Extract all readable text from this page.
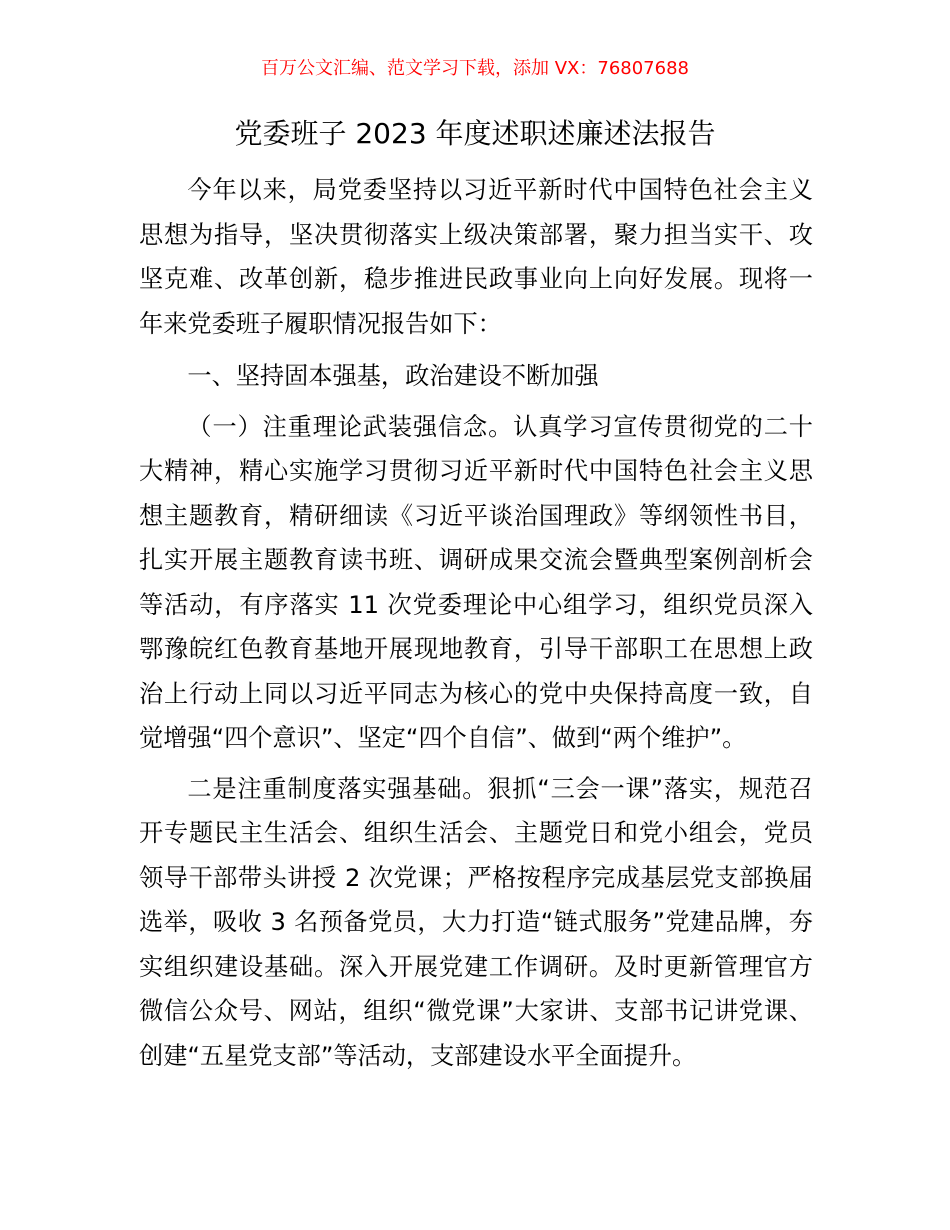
百万公文汇编、范文学习下载，添加 VX：76807688
党委班子 2023 年度述职述廉述法报告

今年以来，局党委坚持以习近平新时代中国特色社会主义思想为指导，坚决贯彻落实上级决策部署，聚力担当实干、攻坚克难、改革创新，稳步推进民政事业向上向好发展。现将一年来党委班子履职情况报告如下：

一、坚持固本强基，政治建设不断加强

（一）注重理论武装强信念。认真学习宣传贯彻党的二十大精神，精心实施学习贯彻习近平新时代中国特色社会主义思想主题教育，精研细读《习近平谈治国理政》等纲领性书目，扎实开展主题教育读书班、调研成果交流会暨典型案例剖析会等活动，有序落实 11 次党委理论中心组学习，组织党员深入鄂豫皖红色教育基地开展现地教育，引导干部职工在思想上政治上行动上同以习近平同志为核心的党中央保持高度一致，自觉增强“四个意识”、坚定“四个自信”、做到“两个维护”。

二是注重制度落实强基础。狠抓“三会一课”落实，规范召开专题民主生活会、组织生活会、主题党日和党小组会，党员领导干部带头讲授 2 次党课；严格按程序完成基层党支部换届选举，吸收 3 名预备党员，大力打造“链式服务”党建品牌，夯实组织建设基础。深入开展党建工作调研。及时更新管理官方微信公众号、网站，组织“微党课”大家讲、支部书记讲党课、创建“五星党支部”等活动，支部建设水平全面提升。
